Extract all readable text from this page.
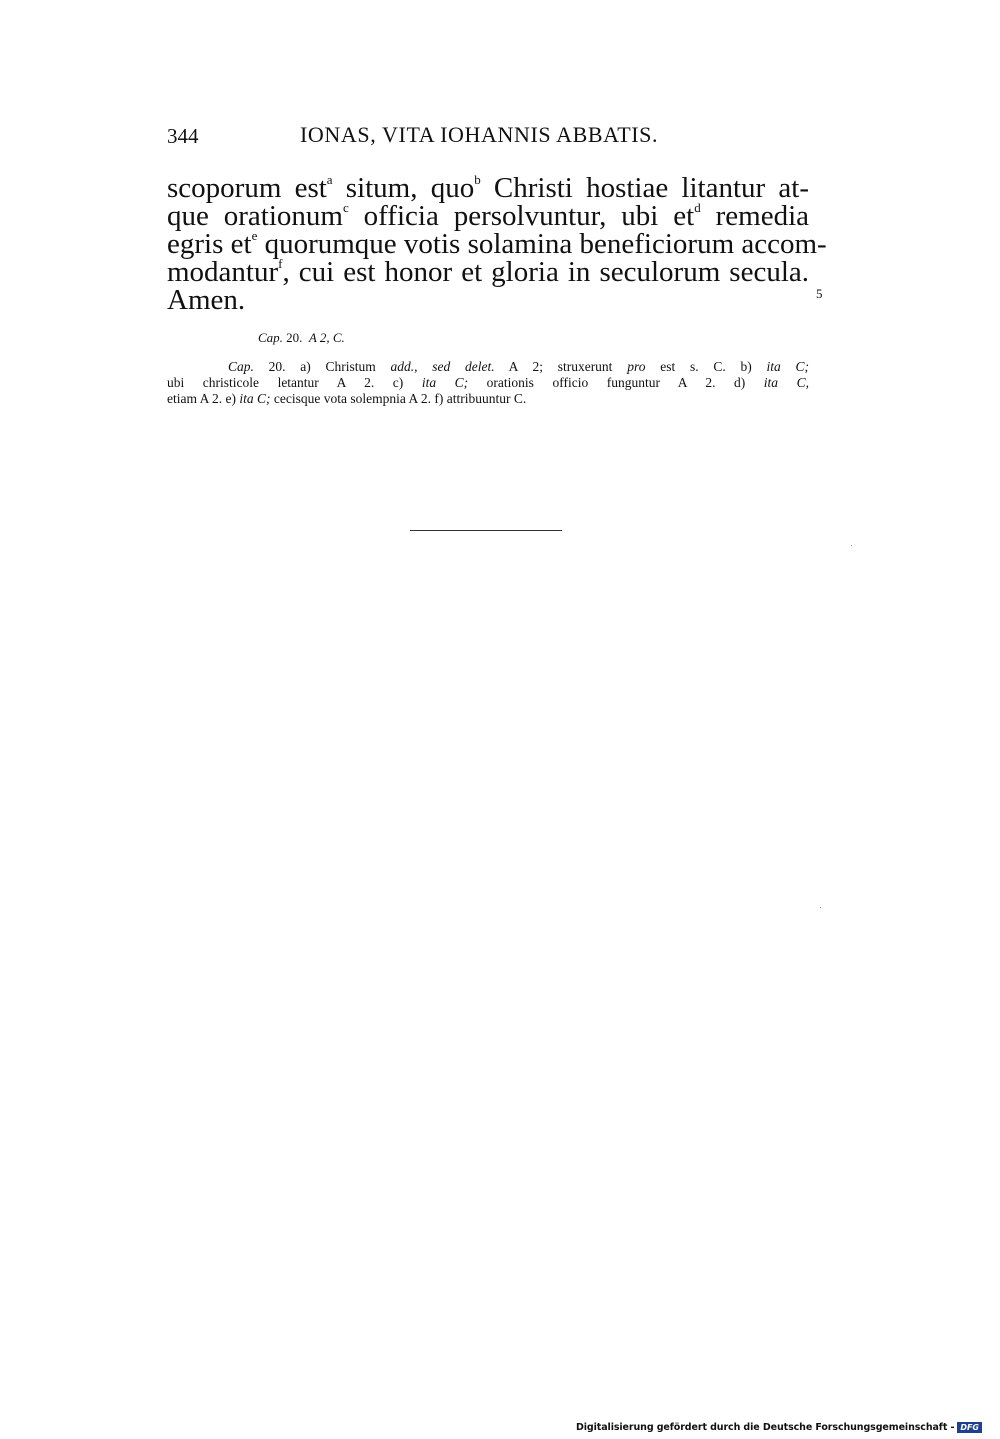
344	IONAS, VITA IOHANNIS ABBATIS.
scoporum est$^a$ situm, quo$^b$ Christi hostiae litantur at-
que orationum$^c$ officia persolvuntur, ubi $et^d$ remedia
egris $et^e$ quorumque votis solamina beneficiorum accom-
modantur$^f$, cui est honor et gloria in seculorum secula.
Amen.	5
Cap. 20. A 2, C.
Cap. 20. a) Christum add., sed delet. A 2; struxerunt pro est s. C. b) ita C;
ubi christicole letantur A 2. c) ita C; orationis officio funguntur A 2. d) ita C,
etiam A 2. e) ita C; cecisque vota solempnia A 2. f) attribuuntur C.
Digitalisierung gefördert durch die Deutsche Forschungsgemeinschaft - DFG
